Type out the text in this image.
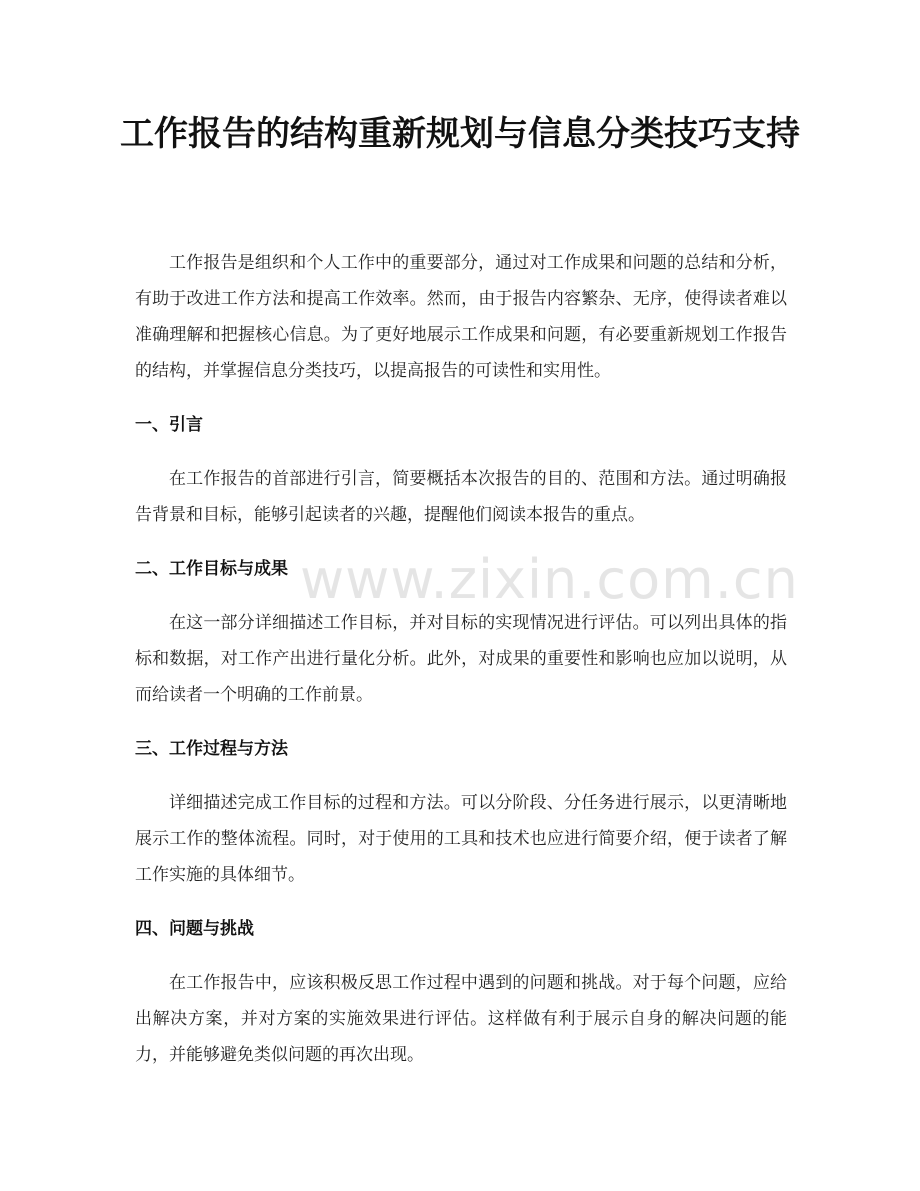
工作报告的结构重新规划与信息分类技巧支持

工作报告是组织和个人工作中的重要部分，通过对工作成果和问题的总结和分析，有助于改进工作方法和提高工作效率。然而，由于报告内容繁杂、无序，使得读者难以准确理解和把握核心信息。为了更好地展示工作成果和问题，有必要重新规划工作报告的结构，并掌握信息分类技巧，以提高报告的可读性和实用性。

一、引言

在工作报告的首部进行引言，简要概括本次报告的目的、范围和方法。通过明确报告背景和目标，能够引起读者的兴趣，提醒他们阅读本报告的重点。

二、工作目标与成果

在这一部分详细描述工作目标，并对目标的实现情况进行评估。可以列出具体的指标和数据，对工作产出进行量化分析。此外，对成果的重要性和影响也应加以说明，从而给读者一个明确的工作前景。

三、工作过程与方法

详细描述完成工作目标的过程和方法。可以分阶段、分任务进行展示，以更清晰地展示工作的整体流程。同时，对于使用的工具和技术也应进行简要介绍，便于读者了解工作实施的具体细节。

四、问题与挑战

在工作报告中，应该积极反思工作过程中遇到的问题和挑战。对于每个问题，应给出解决方案，并对方案的实施效果进行评估。这样做有利于展示自身的解决问题的能力，并能够避免类似问题的再次出现。

www.zixin.com.cn
